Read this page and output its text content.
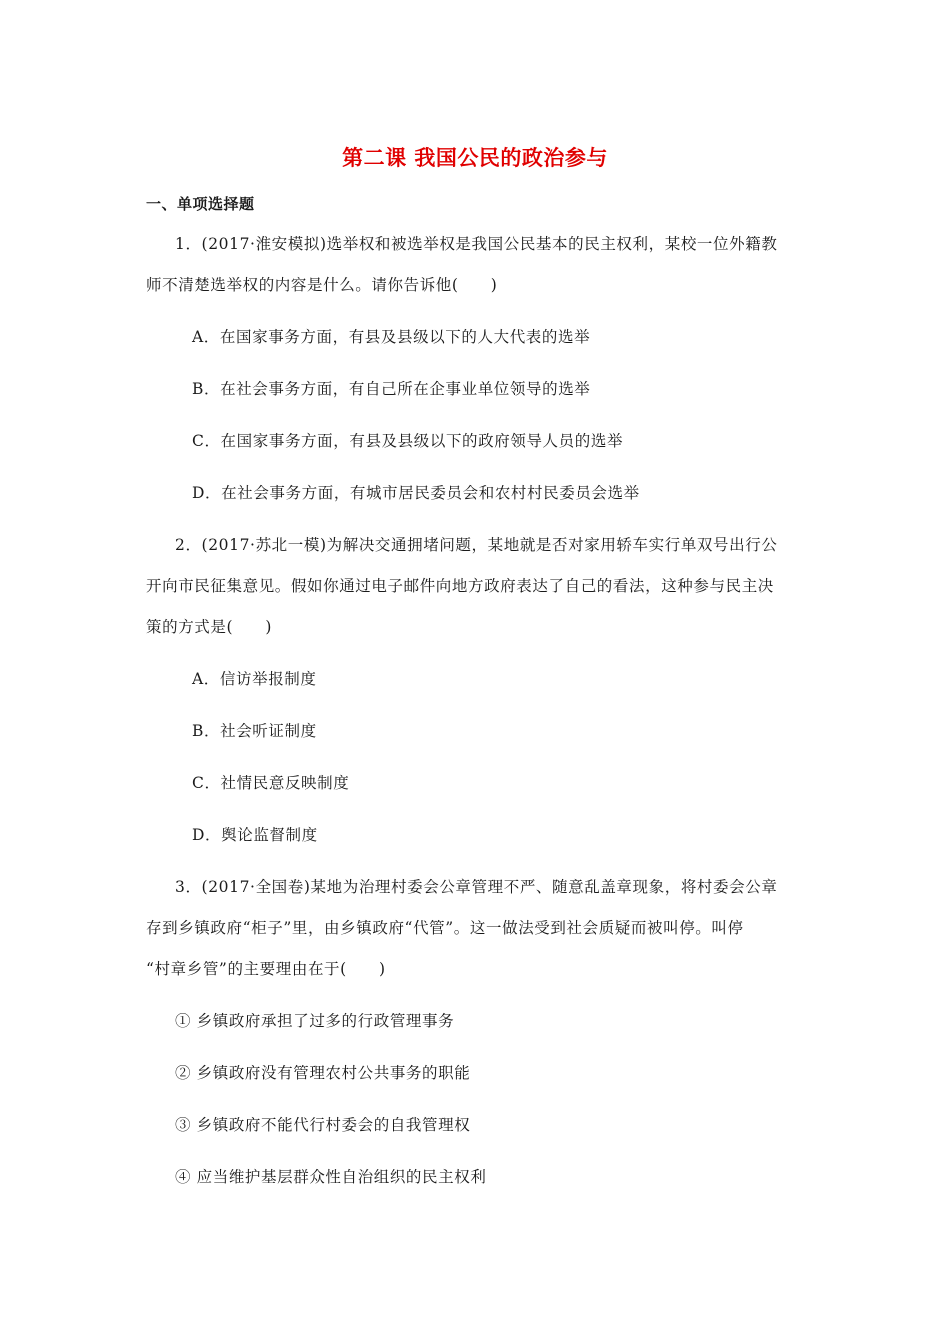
第二课 我国公民的政治参与
一、单项选择题
1．(2017·淮安模拟)选举权和被选举权是我国公民基本的民主权利，某校一位外籍教
师不清楚选举权的内容是什么。请你告诉他(　　)
A．在国家事务方面，有县及县级以下的人大代表的选举
B．在社会事务方面，有自己所在企事业单位领导的选举
C．在国家事务方面，有县及县级以下的政府领导人员的选举
D．在社会事务方面，有城市居民委员会和农村村民委员会选举
2．(2017·苏北一模)为解决交通拥堵问题，某地就是否对家用轿车实行单双号出行公
开向市民征集意见。假如你通过电子邮件向地方政府表达了自己的看法，这种参与民主决
策的方式是(　　)
A．信访举报制度
B．社会听证制度
C．社情民意反映制度
D．舆论监督制度
3．(2017·全国卷)某地为治理村委会公章管理不严、随意乱盖章现象，将村委会公章
存到乡镇政府“柜子”里，由乡镇政府“代管”。这一做法受到社会质疑而被叫停。叫停
“村章乡管”的主要理由在于(　　)
① 乡镇政府承担了过多的行政管理事务
② 乡镇政府没有管理农村公共事务的职能
③ 乡镇政府不能代行村委会的自我管理权
④ 应当维护基层群众性自治组织的民主权利
